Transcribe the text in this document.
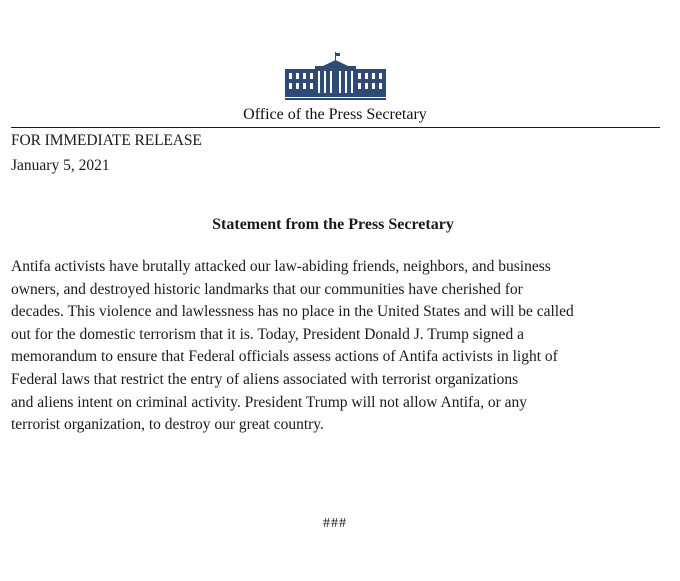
Office of the Press Secretary
FOR IMMEDIATE RELEASE
January 5, 2021
Statement from the Press Secretary

Antifa activists have brutally attacked our law-abiding friends, neighbors, and business
owners, and destroyed historic landmarks that our communities have cherished for
decades. This violence and lawlessness has no place in the United States and will be called
out for the domestic terrorism that it is. Today, President Donald J. Trump signed a
memorandum to ensure that Federal officials assess actions of Antifa activists in light of
Federal laws that restrict the entry of aliens associated with terrorist organizations
and aliens intent on criminal activity. President Trump will not allow Antifa, or any
terrorist organization, to destroy our great country.

###
